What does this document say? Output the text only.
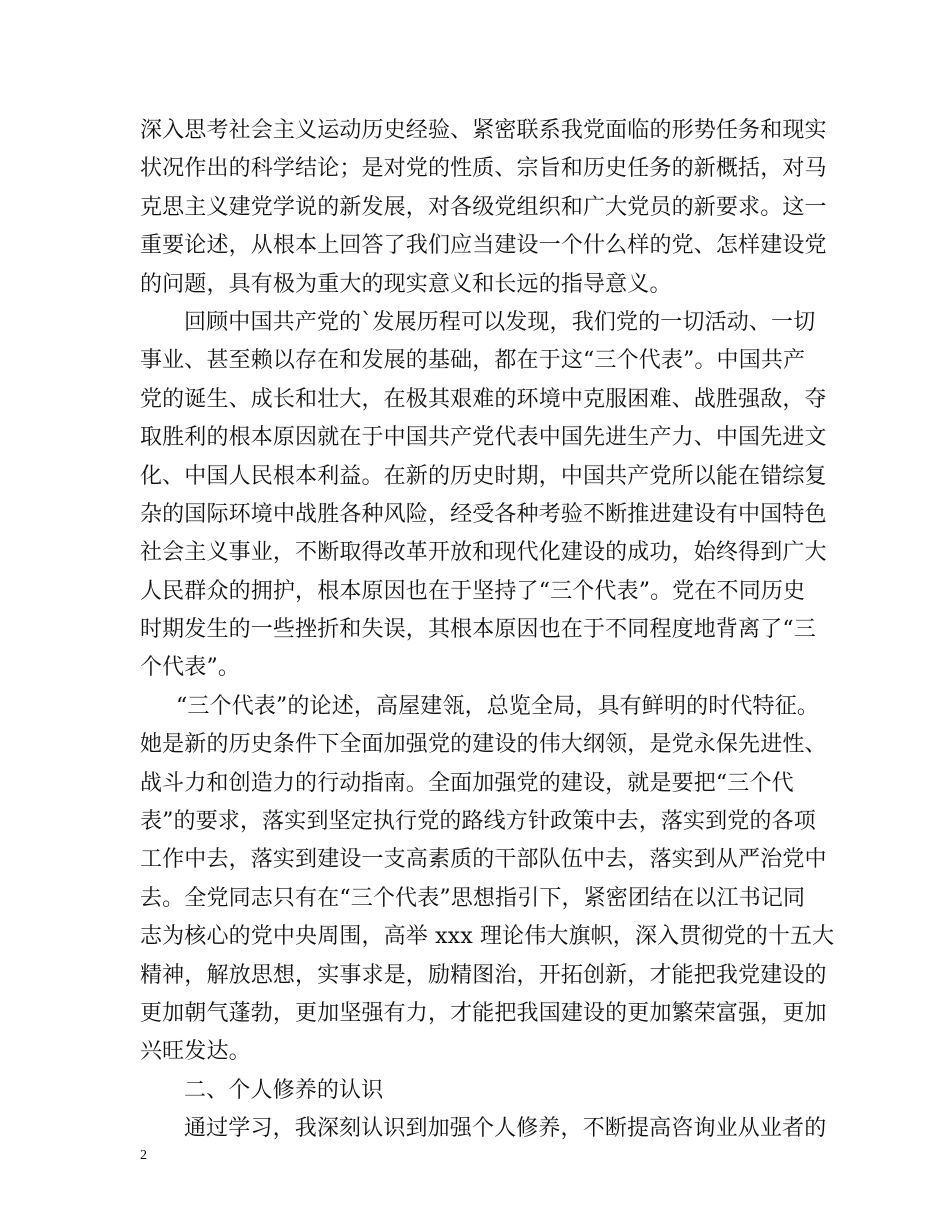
深入思考社会主义运动历史经验、紧密联系我党面临的形势任务和现实
状况作出的科学结论；是对党的性质、宗旨和历史任务的新概括，对马
克思主义建党学说的新发展，对各级党组织和广大党员的新要求。这一
重要论述，从根本上回答了我们应当建设一个什么样的党、怎样建设党
的问题，具有极为重大的现实意义和长远的指导意义。
回顾中国共产党的`发展历程可以发现，我们党的一切活动、一切
事业、甚至赖以存在和发展的基础，都在于这“三个代表”。中国共产
党的诞生、成长和壮大，在极其艰难的环境中克服困难、战胜强敌，夺
取胜利的根本原因就在于中国共产党代表中国先进生产力、中国先进文
化、中国人民根本利益。在新的历史时期，中国共产党所以能在错综复
杂的国际环境中战胜各种风险，经受各种考验不断推进建设有中国特色
社会主义事业，不断取得改革开放和现代化建设的成功，始终得到广大
人民群众的拥护，根本原因也在于坚持了“三个代表”。党在不同历史
时期发生的一些挫折和失误，其根本原因也在于不同程度地背离了“三
个代表”。
“三个代表”的论述，高屋建瓴，总览全局，具有鲜明的时代特征。
她是新的历史条件下全面加强党的建设的伟大纲领，是党永保先进性、
战斗力和创造力的行动指南。全面加强党的建设，就是要把“三个代
表”的要求，落实到坚定执行党的路线方针政策中去，落实到党的各项
工作中去，落实到建设一支高素质的干部队伍中去，落实到从严治党中
去。全党同志只有在“三个代表”思想指引下，紧密团结在以江书记同
志为核心的党中央周围，高举 xxx 理论伟大旗帜，深入贯彻党的十五大
精神，解放思想，实事求是，励精图治，开拓创新，才能把我党建设的
更加朝气蓬勃，更加坚强有力，才能把我国建设的更加繁荣富强，更加
兴旺发达。
二、个人修养的认识
通过学习，我深刻认识到加强个人修养，不断提高咨询业从业者的
2
